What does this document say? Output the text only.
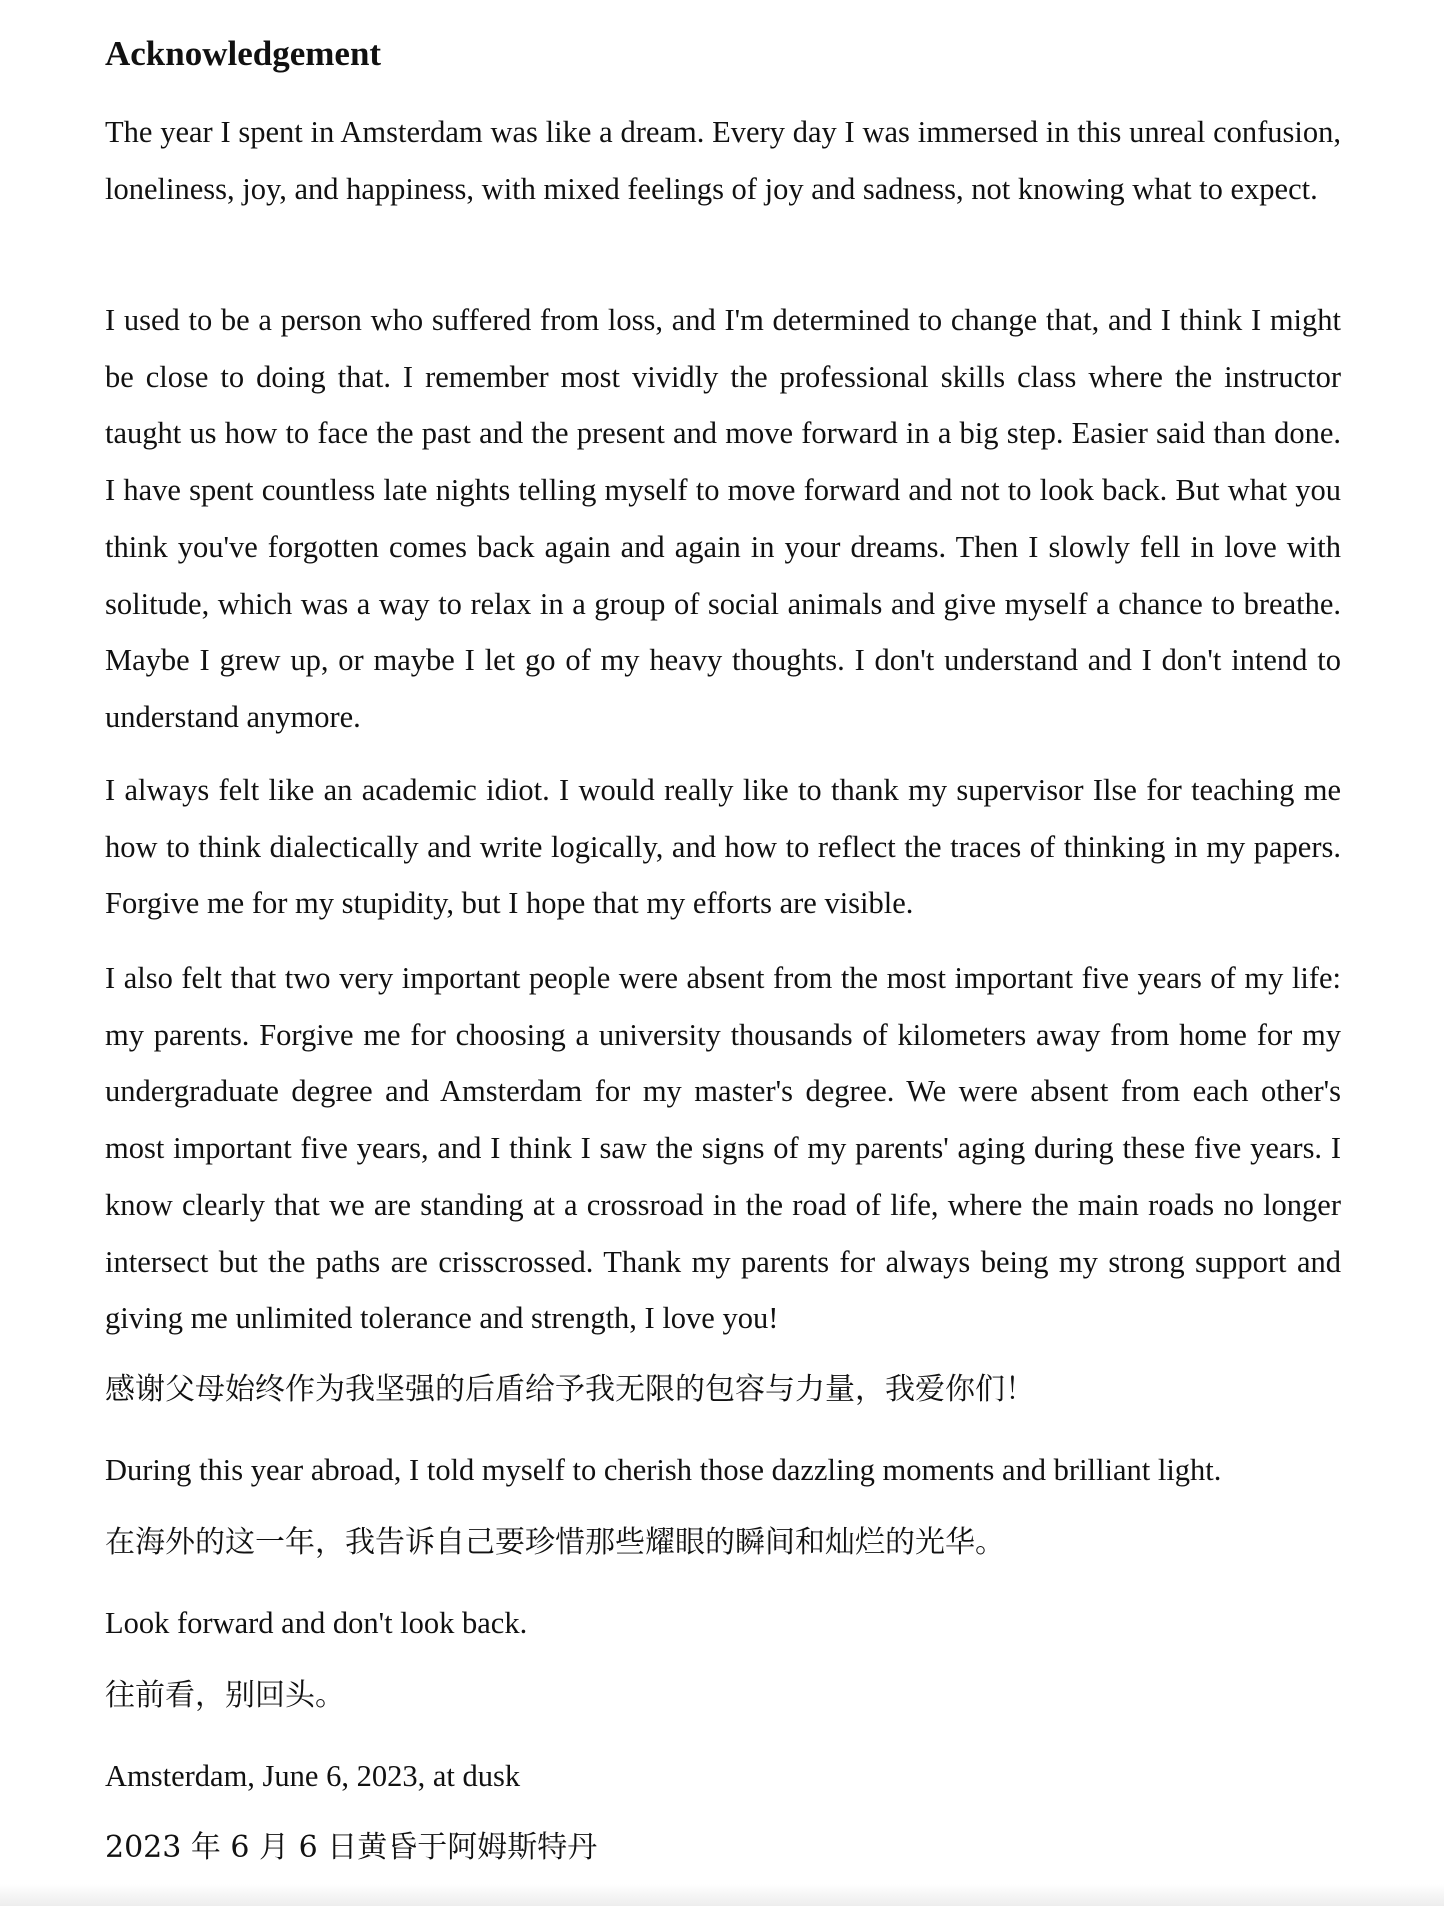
Acknowledgement

The year I spent in Amsterdam was like a dream. Every day I was immersed in this unreal confusion, loneliness, joy, and happiness, with mixed feelings of joy and sadness, not knowing what to expect.

I used to be a person who suffered from loss, and I'm determined to change that, and I think I might be close to doing that. I remember most vividly the professional skills class where the instructor taught us how to face the past and the present and move forward in a big step. Easier said than done. I have spent countless late nights telling myself to move forward and not to look back. But what you think you've forgotten comes back again and again in your dreams. Then I slowly fell in love with solitude, which was a way to relax in a group of social animals and give myself a chance to breathe. Maybe I grew up, or maybe I let go of my heavy thoughts. I don't understand and I don't intend to understand anymore.

I always felt like an academic idiot. I would really like to thank my supervisor Ilse for teaching me how to think dialectically and write logically, and how to reflect the traces of thinking in my papers. Forgive me for my stupidity, but I hope that my efforts are visible.

I also felt that two very important people were absent from the most important five years of my life: my parents. Forgive me for choosing a university thousands of kilometers away from home for my undergraduate degree and Amsterdam for my master's degree. We were absent from each other's most important five years, and I think I saw the signs of my parents' aging during these five years. I know clearly that we are standing at a crossroad in the road of life, where the main roads no longer intersect but the paths are crisscrossed. Thank my parents for always being my strong support and giving me unlimited tolerance and strength, I love you!

感谢父母始终作为我坚强的后盾给予我无限的包容与力量，我爱你们！

During this year abroad, I told myself to cherish those dazzling moments and brilliant light.

在海外的这一年，我告诉自己要珍惜那些耀眼的瞬间和灿烂的光华。

Look forward and don't look back.

往前看，别回头。

Amsterdam, June 6, 2023, at dusk

2023 年 6 月 6 日黄昏于阿姆斯特丹
